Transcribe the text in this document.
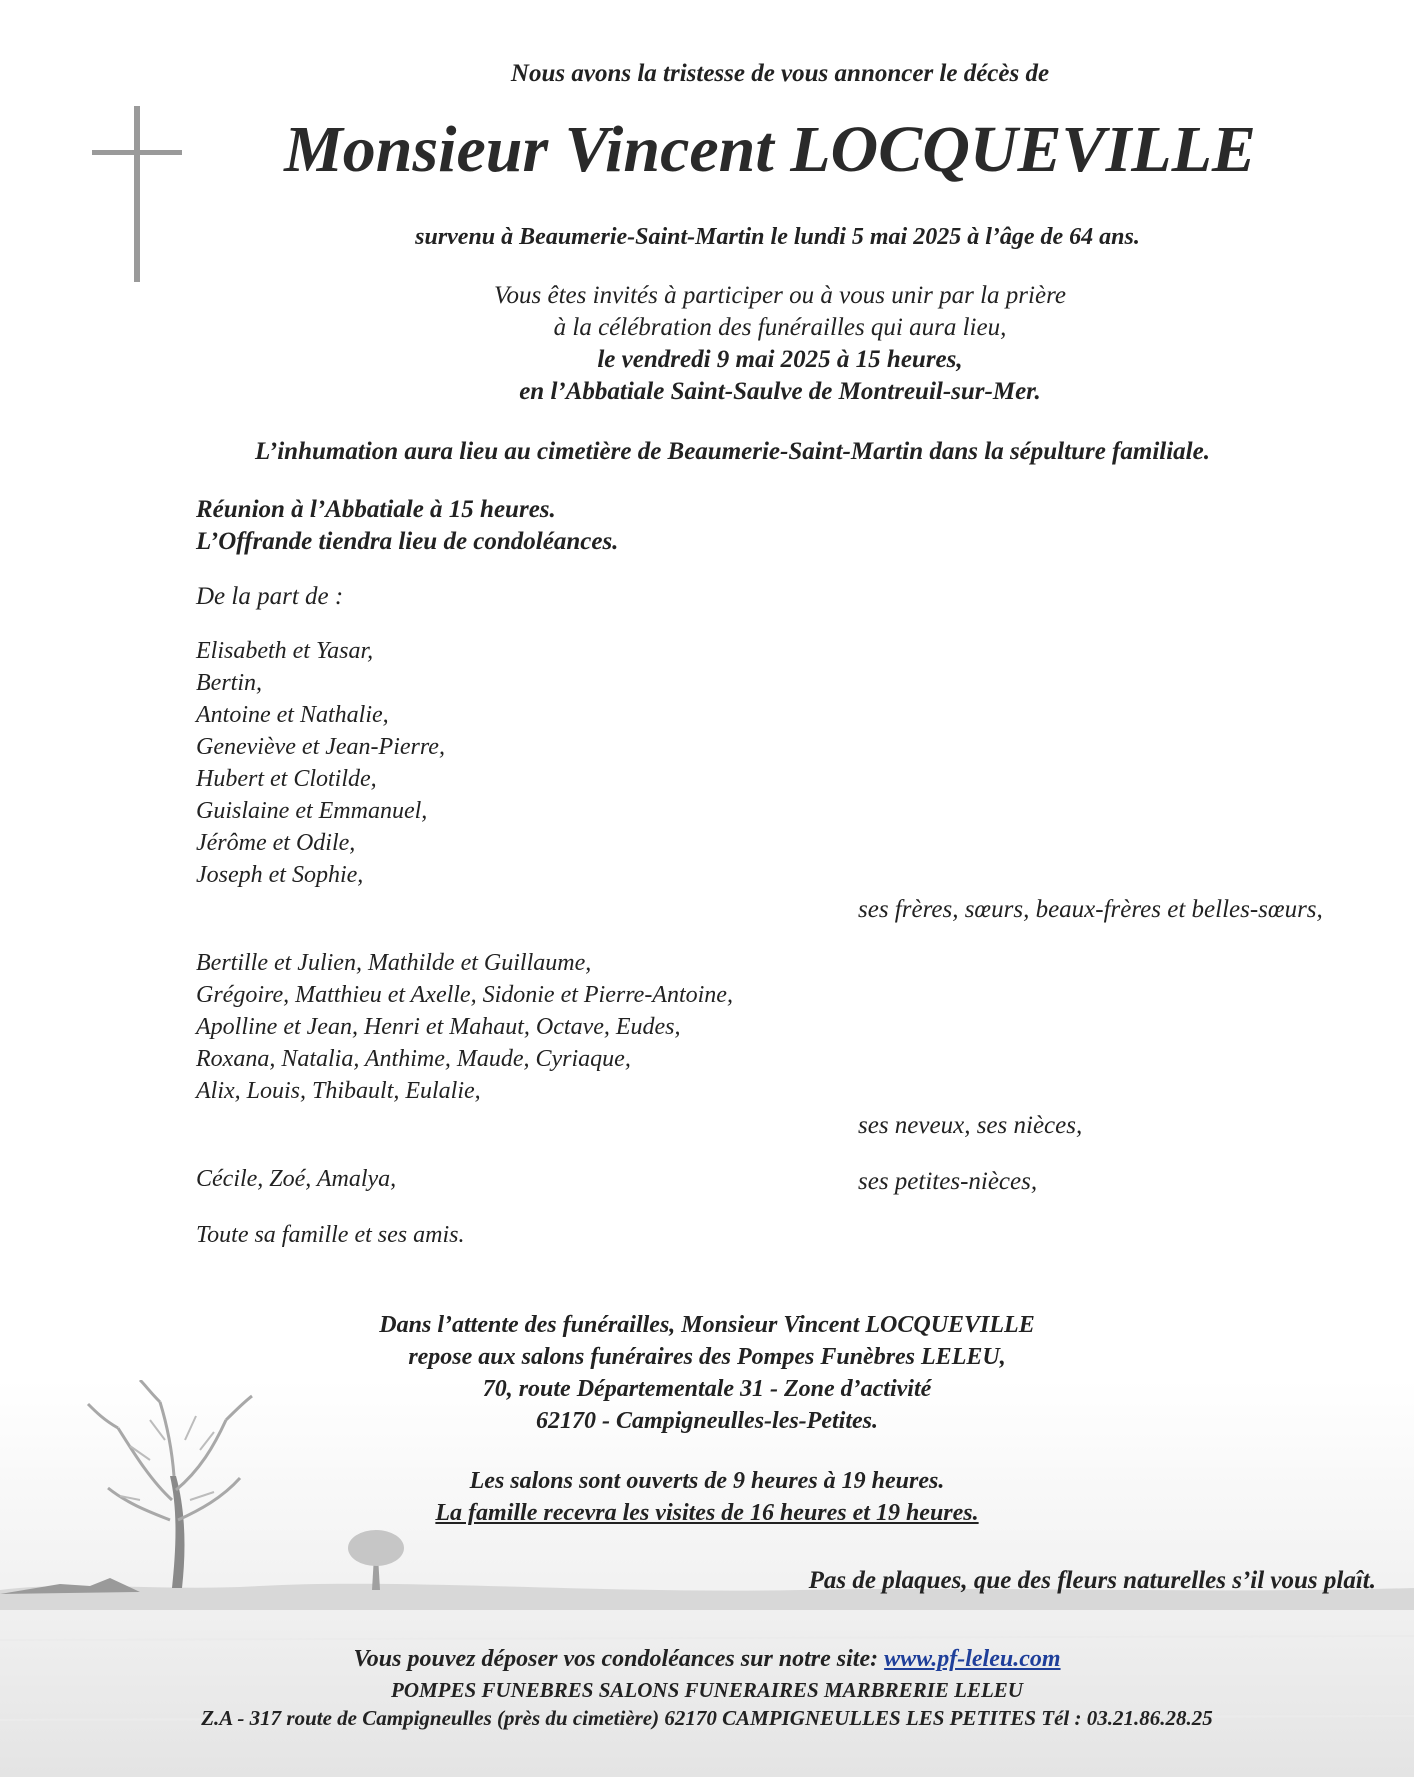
Nous avons la tristesse de vous annoncer le décès de
Monsieur Vincent LOCQUEVILLE
survenu à Beaumerie-Saint-Martin le lundi 5 mai 2025 à l’âge de 64 ans.
Vous êtes invités à participer ou à vous unir par la prière
à la célébration des funérailles qui aura lieu,
le vendredi 9 mai 2025 à 15 heures,
en l’Abbatiale Saint-Saulve de Montreuil-sur-Mer.
L’inhumation aura lieu au cimetière de Beaumerie-Saint-Martin dans la sépulture familiale.
Réunion à l’Abbatiale à 15 heures.
L’Offrande tiendra lieu de condoléances.
De la part de :
Elisabeth et Yasar,
Bertin,
Antoine et Nathalie,
Geneviève et Jean-Pierre,
Hubert et Clotilde,
Guislaine et Emmanuel,
Jérôme et Odile,
Joseph et Sophie,
ses frères, sœurs, beaux-frères et belles-sœurs,
Bertille et Julien, Mathilde et Guillaume,
Grégoire, Matthieu et Axelle, Sidonie et Pierre-Antoine,
Apolline et Jean, Henri et Mahaut, Octave, Eudes,
Roxana, Natalia, Anthime, Maude, Cyriaque,
Alix, Louis, Thibault, Eulalie,
ses neveux, ses nièces,
Cécile, Zoé, Amalya,	ses petites-nièces,
Toute sa famille et ses amis.
Dans l’attente des funérailles, Monsieur Vincent LOCQUEVILLE
repose aux salons funéraires des Pompes Funèbres LELEU,
70, route Départementale 31 - Zone d’activité
62170 - Campigneulles-les-Petites.
Les salons sont ouverts de 9 heures à 19 heures.
La famille recevra les visites de 16 heures et 19 heures.
Pas de plaques, que des fleurs naturelles s’il vous plaît.
Vous pouvez déposer vos condoléances sur notre site: www.pf-leleu.com
POMPES FUNEBRES SALONS FUNERAIRES MARBRERIE LELEU
Z.A - 317 route de Campigneulles (près du cimetière) 62170 CAMPIGNEULLES LES PETITES Tél : 03.21.86.28.25
